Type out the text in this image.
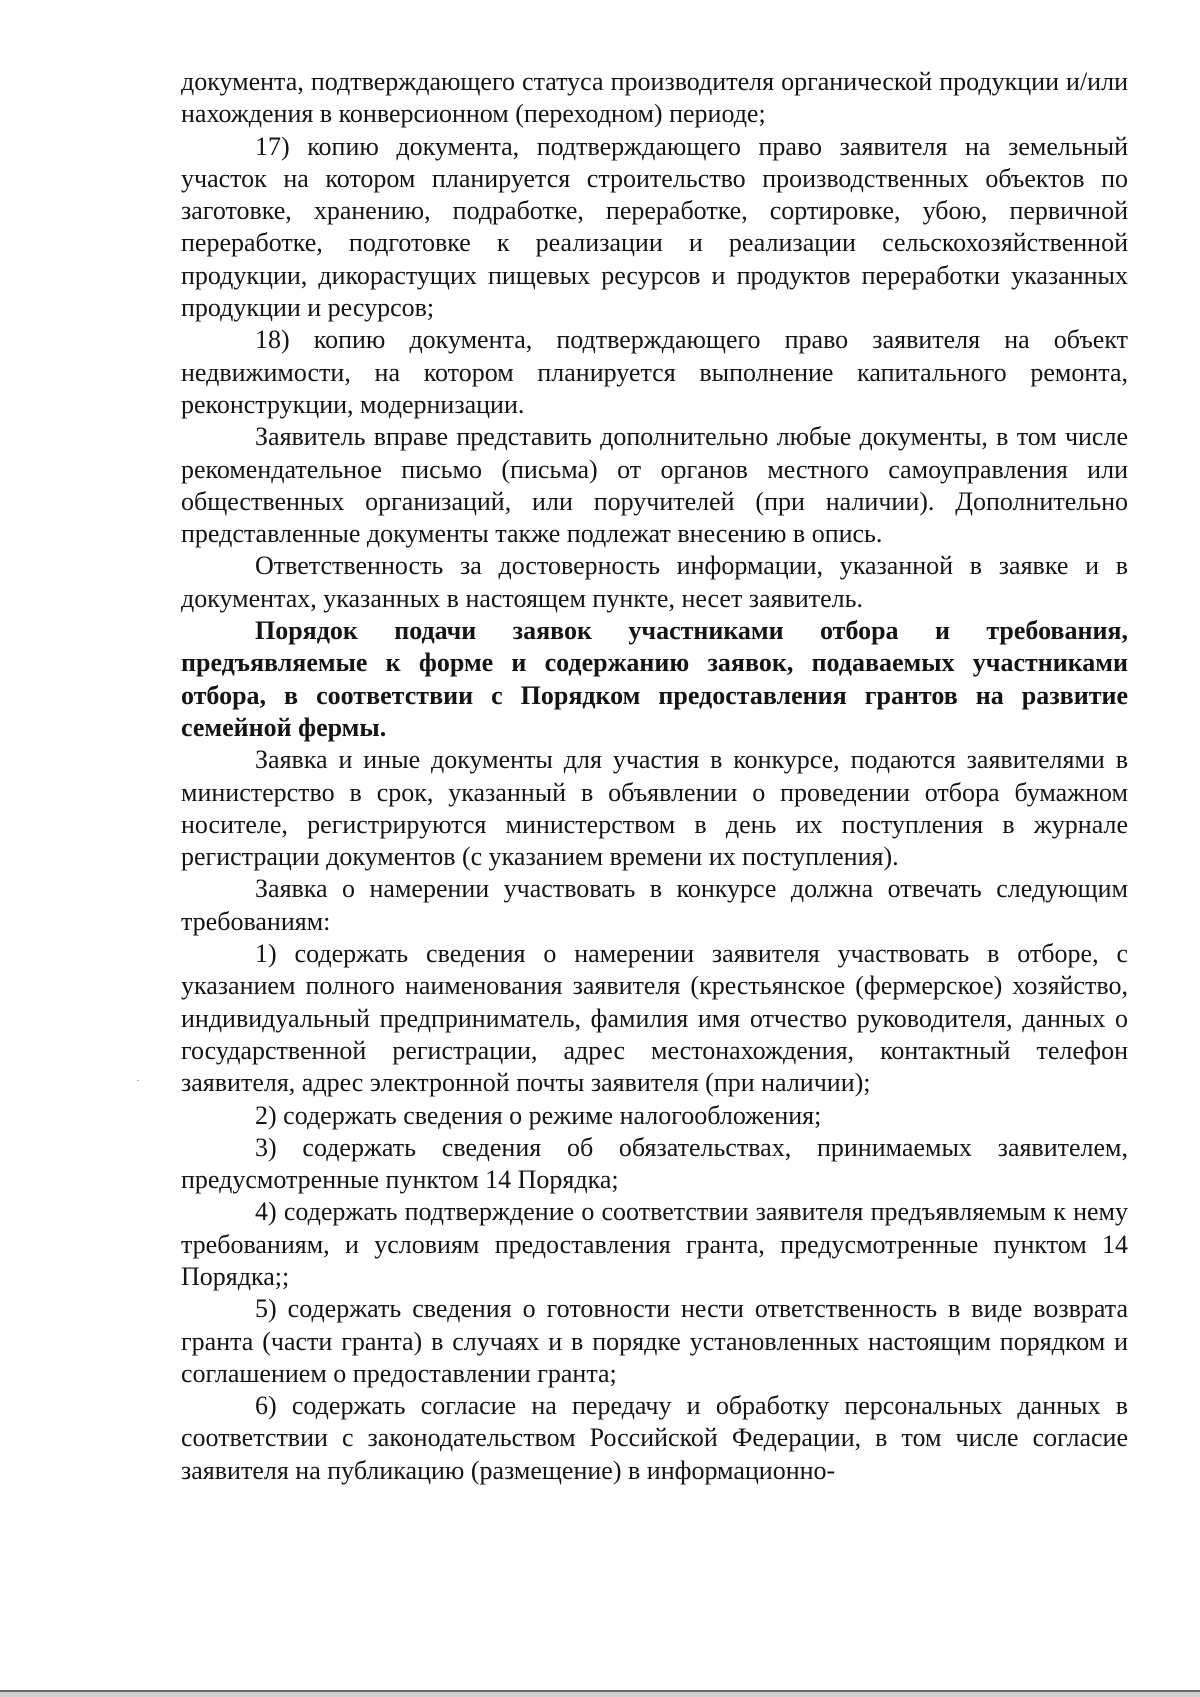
документа, подтверждающего статуса производителя органической продукции и/или нахождения в конверсионном (переходном) периоде;

17) копию документа, подтверждающего право заявителя на земельный участок на котором планируется строительство производственных объектов по заготовке, хранению, подработке, переработке, сортировке, убою, первичной переработке, подготовке к реализации и реализации сельскохозяйственной продукции, дикорастущих пищевых ресурсов и продуктов переработки указанных продукции и ресурсов;

18) копию документа, подтверждающего право заявителя на объект недвижимости, на котором планируется выполнение капитального ремонта, реконструкции, модернизации.

Заявитель вправе представить дополнительно любые документы, в том числе рекомендательное письмо (письма) от органов местного самоуправления или общественных организаций, или поручителей (при наличии). Дополнительно представленные документы также подлежат внесению в опись.

Ответственность за достоверность информации, указанной в заявке и в документах, указанных в настоящем пункте, несет заявитель.

Порядок подачи заявок участниками отбора и требования, предъявляемые к форме и содержанию заявок, подаваемых участниками отбора, в соответствии с Порядком предоставления грантов на развитие семейной фермы.

Заявка и иные документы для участия в конкурсе, подаются заявителями в министерство в срок, указанный в объявлении о проведении отбора бумажном носителе, регистрируются министерством в день их поступления в журнале регистрации документов (с указанием времени их поступления).

Заявка о намерении участвовать в конкурсе должна отвечать следующим требованиям:

1) содержать сведения о намерении заявителя участвовать в отборе, с указанием полного наименования заявителя (крестьянское (фермерское) хозяйство, индивидуальный предприниматель, фамилия имя отчество руководителя, данных о государственной регистрации, адрес местонахождения, контактный телефон заявителя, адрес электронной почты заявителя (при наличии);

2) содержать сведения о режиме налогообложения;

3) содержать сведения об обязательствах, принимаемых заявителем, предусмотренные пунктом 14 Порядка;

4) содержать подтверждение о соответствии заявителя предъявляемым к нему требованиям, и условиям предоставления гранта, предусмотренные пунктом 14 Порядка;;

5) содержать сведения о готовности нести ответственность в виде возврата гранта (части гранта) в случаях и в порядке установленных настоящим порядком и соглашением о предоставлении гранта;

6) содержать согласие на передачу и обработку персональных данных в соответствии с законодательством Российской Федерации, в том числе согласие заявителя на публикацию (размещение) в информационно-
